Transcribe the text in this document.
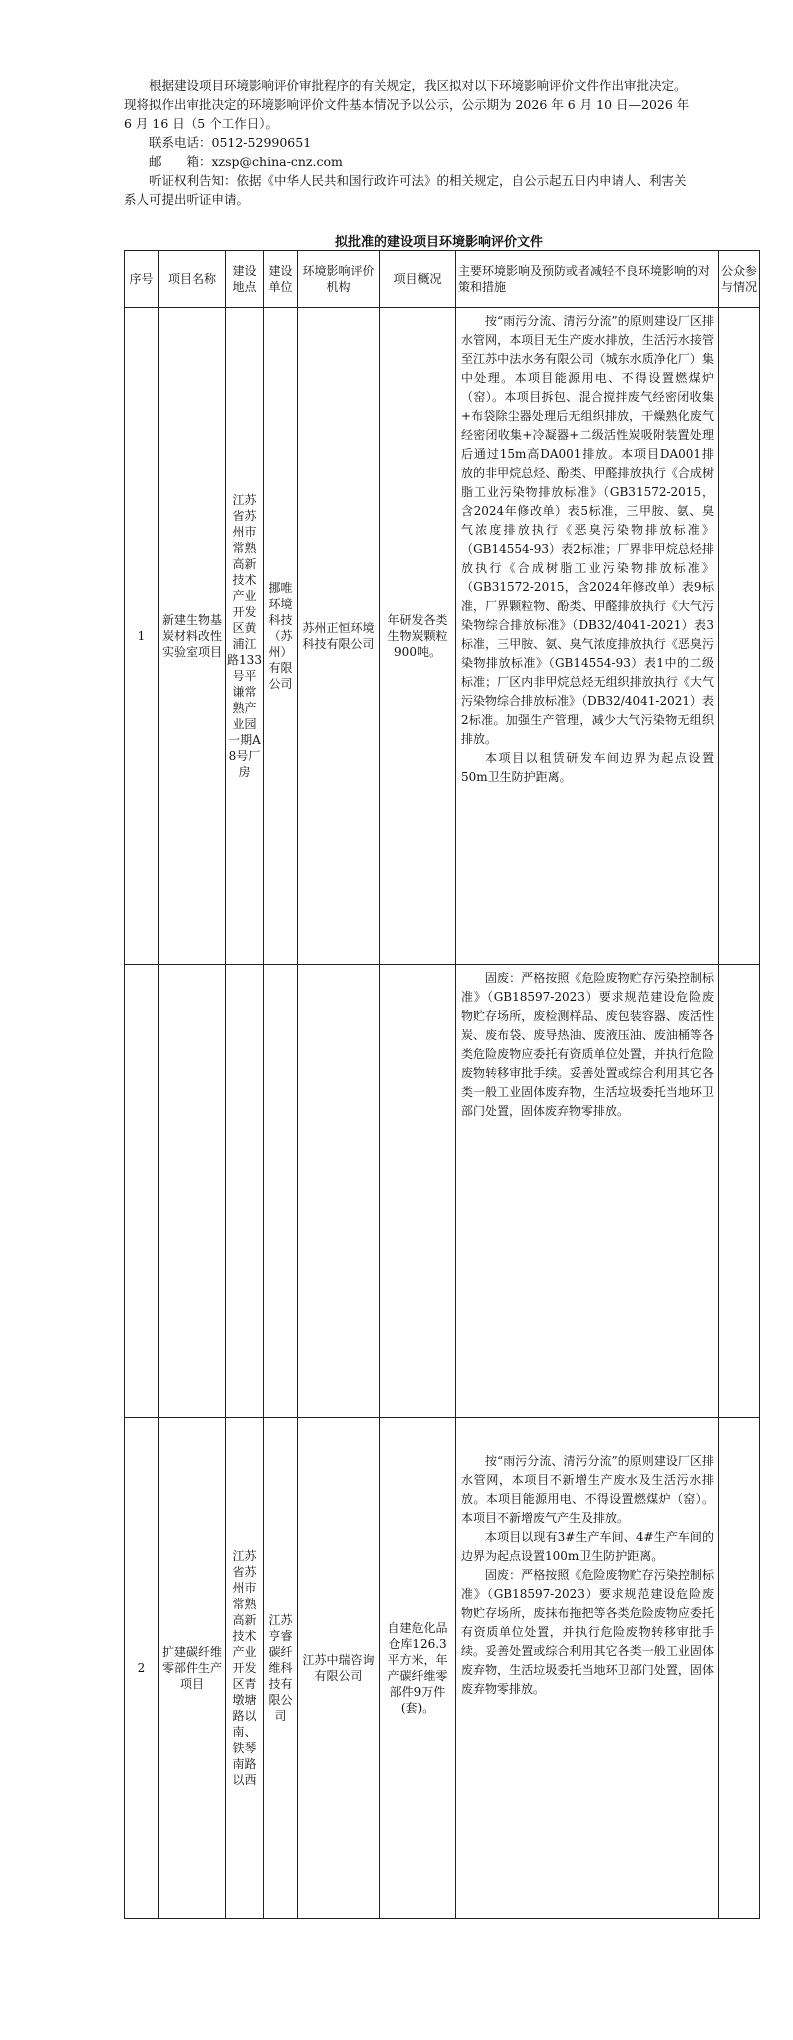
根据建设项目环境影响评价审批程序的有关规定，我区拟对以下环境影响评价文件作出审批决定。现将拟作出审批决定的环境影响评价文件基本情况予以公示，公示期为 2026 年 6 月 10 日—2026 年 6 月 16 日（5 个工作日）。

联系电话：0512-52990651

邮　　箱：xzsp@china-cnz.com

听证权利告知：依据《中华人民共和国行政许可法》的相关规定，自公示起五日内申请人、利害关系人可提出听证申请。

拟批准的建设项目环境影响评价文件
序号	项目名称	建设地点	建设单位	环境影响评价机构	项目概况	主要环境影响及预防或者减轻不良环境影响的对策和措施	公众参与情况
1	新建生物基炭材料改性实验室项目	江苏省苏州市常熟高新技术产业开发区黄浦江路133号平谦常熟产业园一期A8号厂房	挪唯环境科技（苏州）有限公司	苏州正恒环境科技有限公司	年研发各类生物炭颗粒900吨。	按“雨污分流、清污分流”的原则建设厂区排水管网，本项目无生产废水排放，生活污水接管至江苏中法水务有限公司（城东水质净化厂）集中处理。本项目能源用电、不得设置燃煤炉（窑）。本项目拆包、混合搅拌废气经密闭收集+布袋除尘器处理后无组织排放，干燥熟化废气经密闭收集+冷凝器+二级活性炭吸附装置处理后通过15m高DA001排放。本项目DA001排放的非甲烷总烃、酚类、甲醛排放执行《合成树脂工业污染物排放标准》（GB31572-2015，含2024年修改单）表5标准，三甲胺、氨、臭气浓度排放执行《恶臭污染物排放标准》（GB14554-93）表2标准；厂界非甲烷总烃排放执行《合成树脂工业污染物排放标准》（GB31572-2015，含2024年修改单）表9标准，厂界颗粒物、酚类、甲醛排放执行《大气污染物综合排放标准》（DB32/4041-2021）表3标准，三甲胺、氨、臭气浓度排放执行《恶臭污染物排放标准》（GB14554-93）表1中的二级标准；厂区内非甲烷总烃无组织排放执行《大气污染物综合排放标准》（DB32/4041-2021）表2标准。加强生产管理，减少大气污染物无组织排放。

本项目以租赁研发车间边界为起点设置50m卫生防护距离。	

						固废：严格按照《危险废物贮存污染控制标准》（GB18597-2023）要求规范建设危险废物贮存场所，废检测样品、废包装容器、废活性炭、废布袋、废导热油、废液压油、废油桶等各类危险废物应委托有资质单位处置，并执行危险废物转移审批手续。妥善处置或综合利用其它各类一般工业固体废弃物，生活垃圾委托当地环卫部门处置，固体废弃物零排放。	

2	扩建碳纤维零部件生产项目	江苏省苏州市常熟高新技术产业开发区青墩塘路以南、铁琴南路以西	江苏亨睿碳纤维科技有限公司	江苏中瑞咨询有限公司	自建危化品仓库126.3平方米，年产碳纤维零部件9万件(套)。	按“雨污分流、清污分流”的原则建设厂区排水管网，本项目不新增生产废水及生活污水排放。本项目能源用电、不得设置燃煤炉（窑）。本项目不新增废气产生及排放。

本项目以现有3#生产车间、4#生产车间的边界为起点设置100m卫生防护距离。

固废：严格按照《危险废物贮存污染控制标准》（GB18597-2023）要求规范建设危险废物贮存场所，废抹布拖把等各类危险废物应委托有资质单位处置，并执行危险废物转移审批手续。妥善处置或综合利用其它各类一般工业固体废弃物，生活垃圾委托当地环卫部门处置，固体废弃物零排放。	
